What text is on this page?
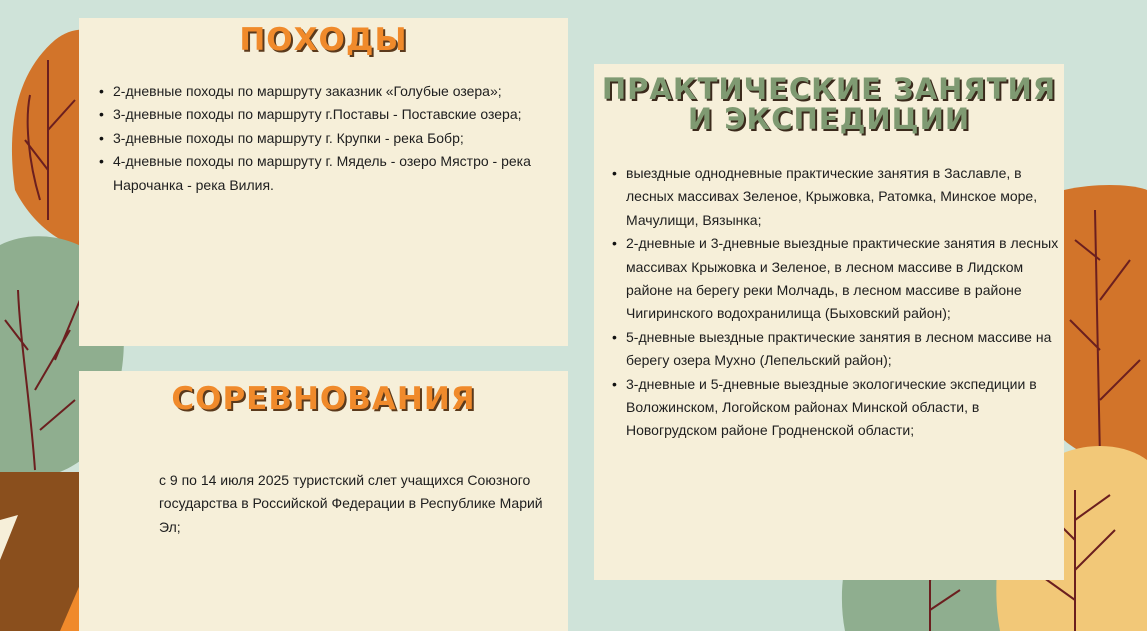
ПОХОДЫ
• 2-дневные походы по маршруту заказник «Голубые озера»;
• 3-дневные походы по маршруту г.Поставы - Поставские озера;
• 3-дневные походы по маршруту г. Крупки - река Бобр;
• 4-дневные походы по маршруту г. Мядель - озеро Мястро - река Нарочанка - река Вилия.
СОРЕВНОВАНИЯ

с 9 по 14 июля 2025 туристский слет учащихся Союзного государства в Российской Федерации в Республике Марий Эл;

ПРАКТИЧЕСКИЕ ЗАНЯТИЯ
И ЭКСПЕДИЦИИ
• выездные однодневные практические занятия в Заславле, в лесных массивах Зеленое, Крыжовка, Ратомка, Минское море, Мачулищи, Вязынка;
• 2-дневные и 3-дневные выездные практические занятия в лесных массивах Крыжовка и Зеленое, в лесном массиве в Лидском районе на берегу реки Молчадь, в лесном массиве в районе Чигиринского водохранилища (Быховский район);
• 5-дневные выездные практические занятия в лесном массиве на берегу озера Мухно (Лепельский район);
• 3-дневные и 5-дневные выездные экологические экспедиции в Воложинском, Логойском районах Минской области, в Новогрудском районе Гродненской области;
